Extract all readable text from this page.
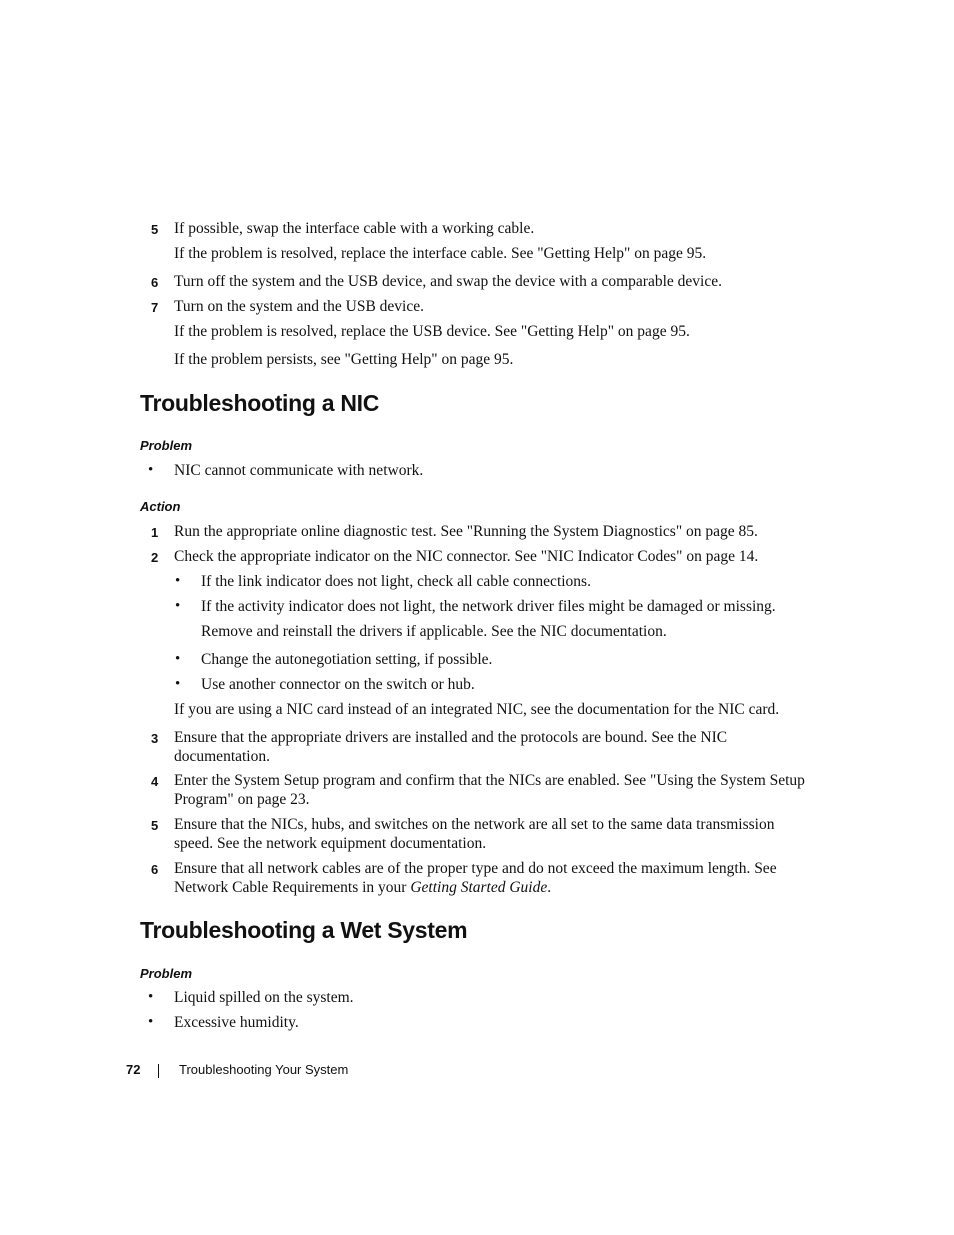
5	If possible, swap the interface cable with a working cable.
If the problem is resolved, replace the interface cable. See "Getting Help" on page 95.
6	Turn off the system and the USB device, and swap the device with a comparable device.
7	Turn on the system and the USB device.
If the problem is resolved, replace the USB device. See "Getting Help" on page 95.
If the problem persists, see "Getting Help" on page 95.
Troubleshooting a NIC
Problem
• NIC cannot communicate with network.
Action
1	Run the appropriate online diagnostic test. See "Running the System Diagnostics" on page 85.
2	Check the appropriate indicator on the NIC connector. See "NIC Indicator Codes" on page 14.
• If the link indicator does not light, check all cable connections.
• If the activity indicator does not light, the network driver files might be damaged or missing.
Remove and reinstall the drivers if applicable. See the NIC documentation.
• Change the autonegotiation setting, if possible.
• Use another connector on the switch or hub.
If you are using a NIC card instead of an integrated NIC, see the documentation for the NIC card.
3	Ensure that the appropriate drivers are installed and the protocols are bound. See the NIC documentation.
4	Enter the System Setup program and confirm that the NICs are enabled. See "Using the System Setup Program" on page 23.
5	Ensure that the NICs, hubs, and switches on the network are all set to the same data transmission speed. See the network equipment documentation.
6	Ensure that all network cables are of the proper type and do not exceed the maximum length. See Network Cable Requirements in your Getting Started Guide.
Troubleshooting a Wet System
Problem
• Liquid spilled on the system.
• Excessive humidity.
72	Troubleshooting Your System
